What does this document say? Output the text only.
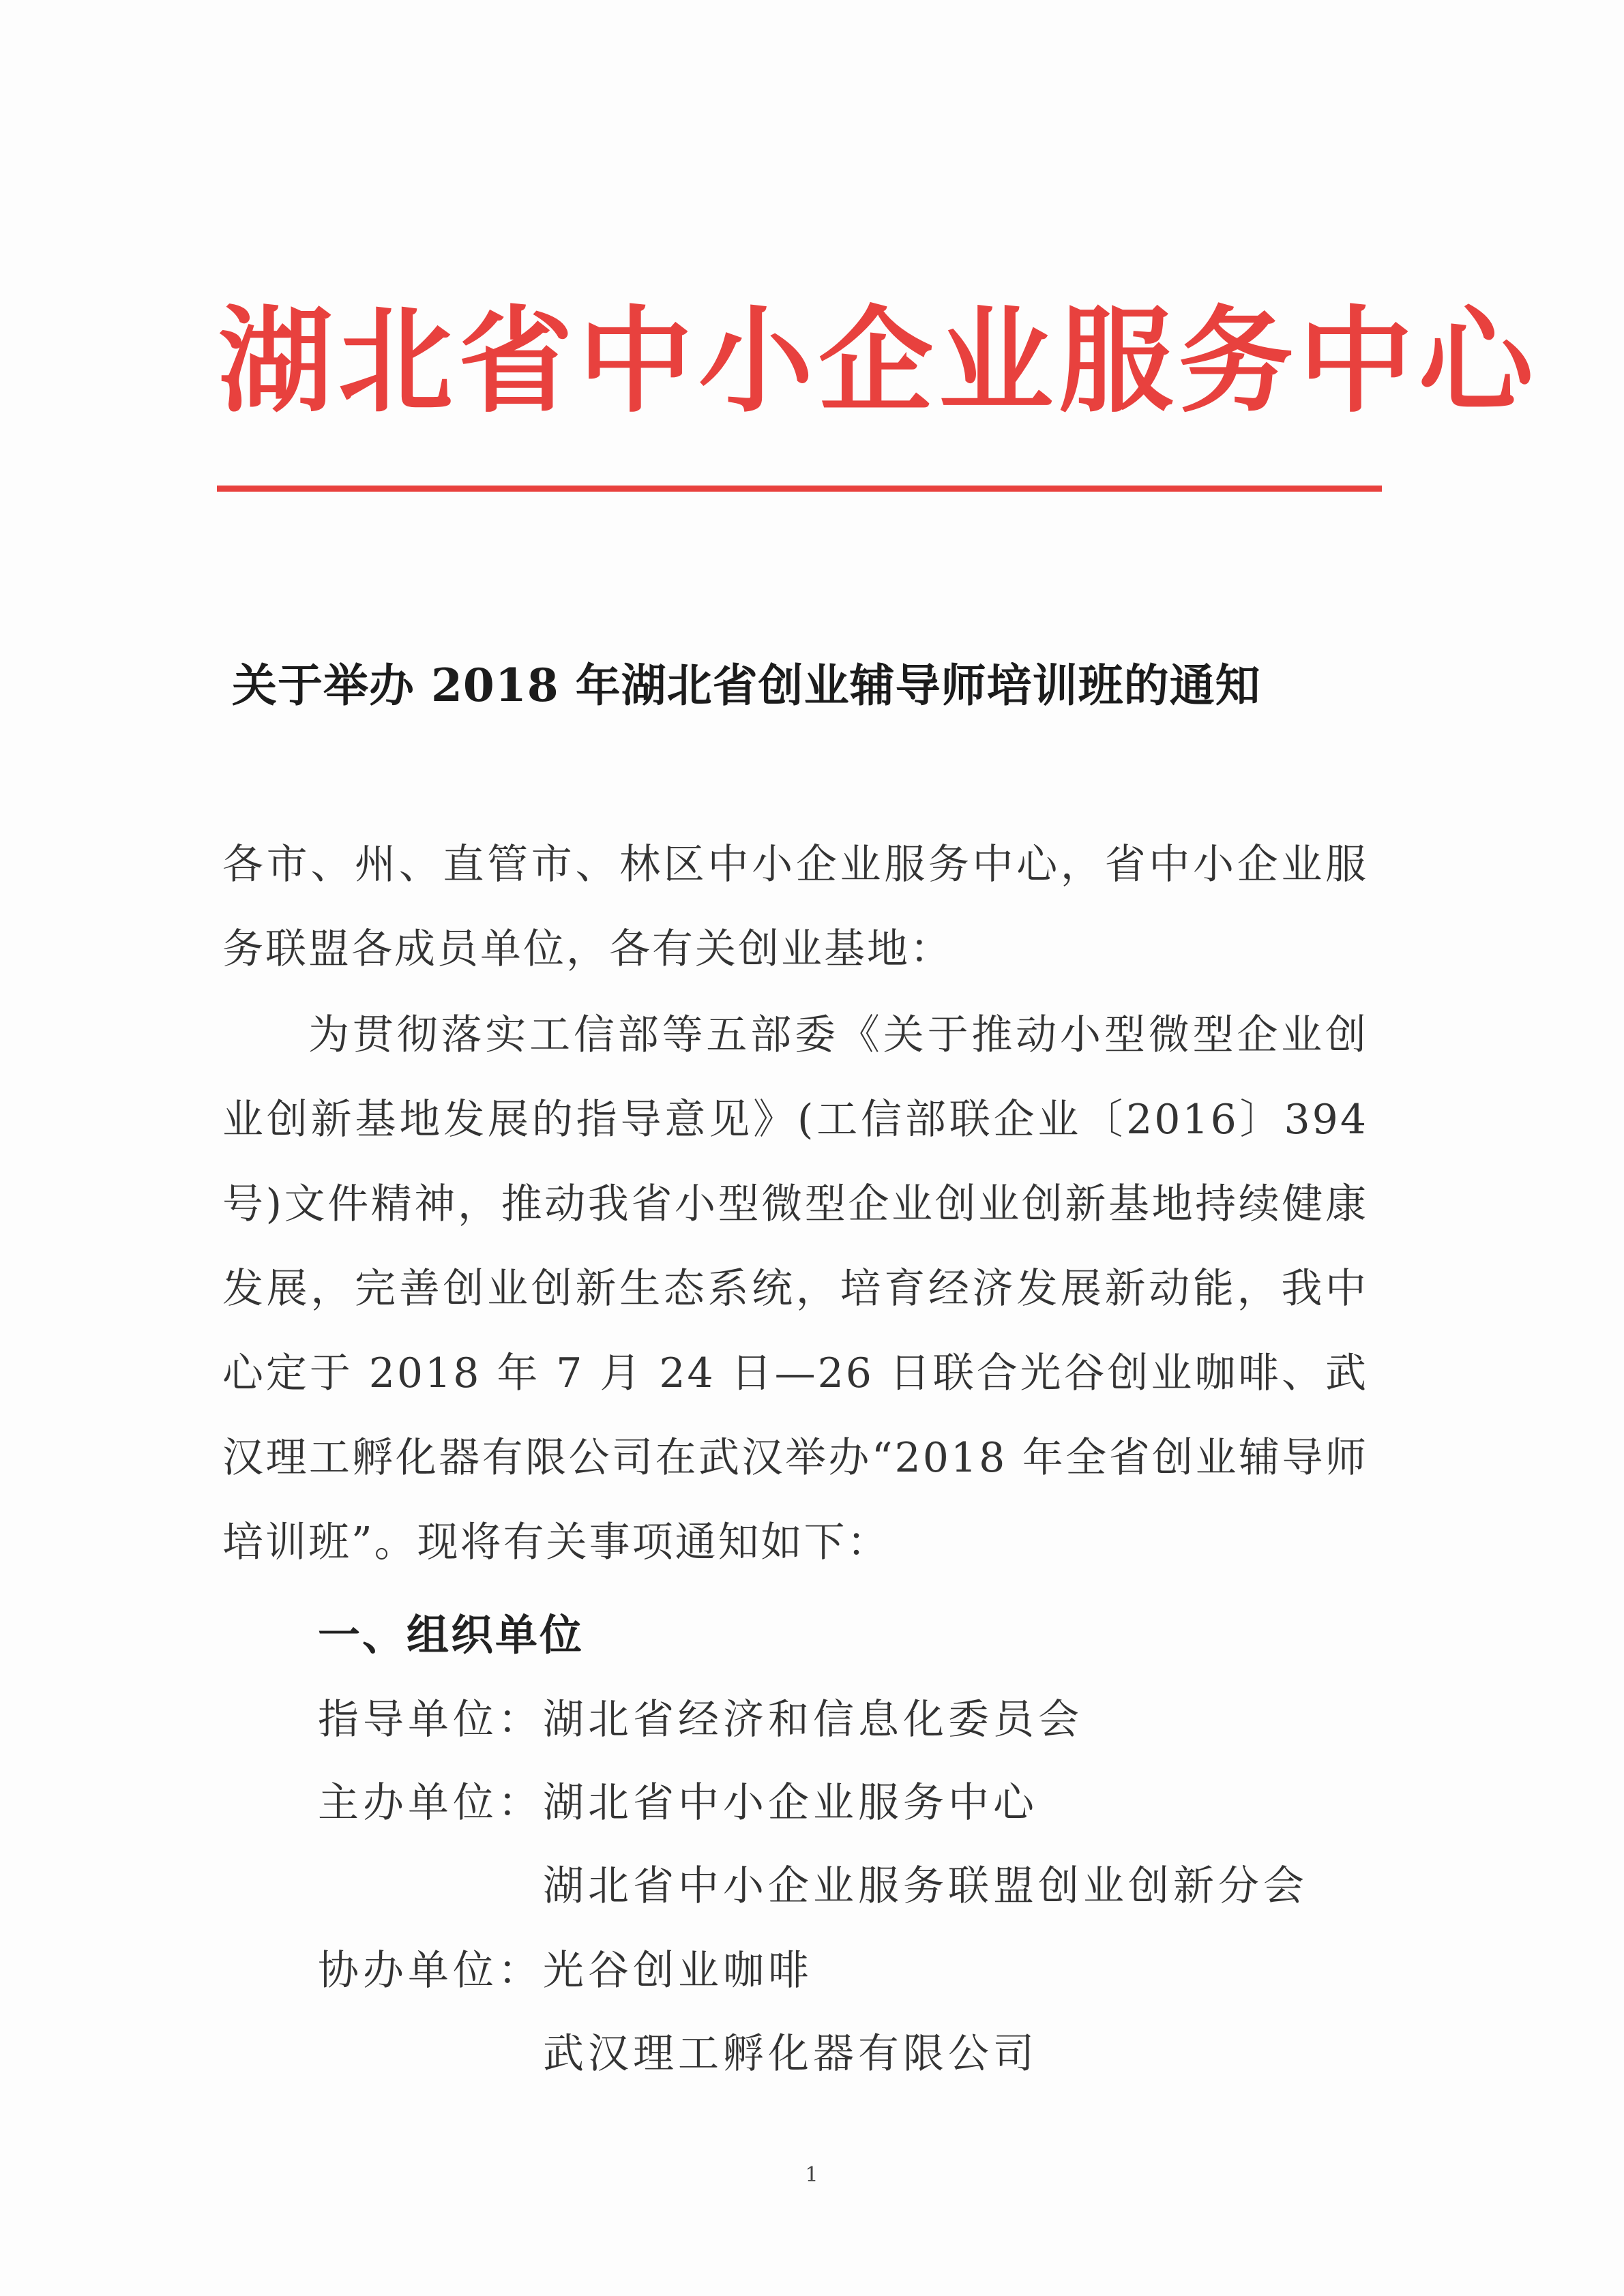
湖北省中小企业服务中心
关于举办 2018 年湖北省创业辅导师培训班的通知

各市、州、直管市、林区中小企业服务中心，省中小企业服务联盟各成员单位，各有关创业基地：

为贯彻落实工信部等五部委《关于推动小型微型企业创业创新基地发展的指导意见》(工信部联企业〔2016〕394 号)文件精神，推动我省小型微型企业创业创新基地持续健康发展，完善创业创新生态系统，培育经济发展新动能，我中心定于 2018 年 7 月 24 日—26 日联合光谷创业咖啡、武汉理工孵化器有限公司在武汉举办“2018 年全省创业辅导师培训班”。现将有关事项通知如下：

一、组织单位
指导单位：湖北省经济和信息化委员会
主办单位：湖北省中小企业服务中心
湖北省中小企业服务联盟创业创新分会
协办单位：光谷创业咖啡
武汉理工孵化器有限公司
1
